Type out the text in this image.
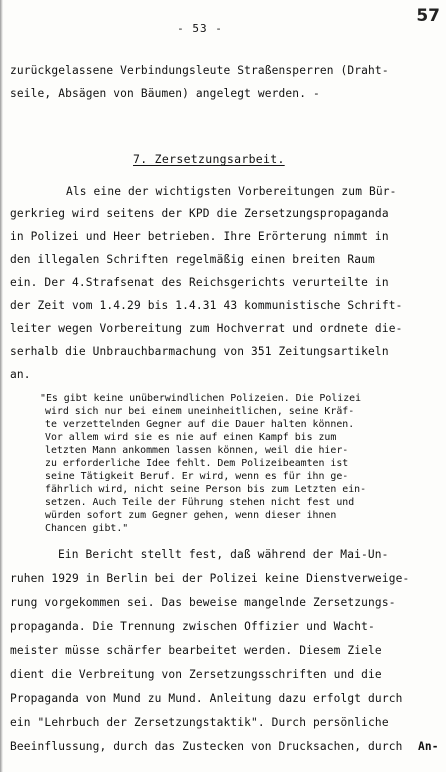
- 53 -
57
zurückgelassene Verbindungsleute Straßensperren (Draht-
seile, Absägen von Bäumen) angelegt werden. -
7. Zersetzungsarbeit.
Als eine der wichtigsten Vorbereitungen zum Bür-
gerkrieg wird seitens der KPD die Zersetzungspropaganda
in Polizei und Heer betrieben. Ihre Erörterung nimmt in
den illegalen Schriften regelmäßig einen breiten Raum
ein. Der 4.Strafsenat des Reichsgerichts verurteilte in
der Zeit vom 1.4.29 bis 1.4.31 43 kommunistische Schrift-
leiter wegen Vorbereitung zum Hochverrat und ordnete die-
serhalb die Unbrauchbarmachung von 351 Zeitungsartikeln
an.
"Es gibt keine unüberwindlichen Polizeien. Die Polizei
wird sich nur bei einem uneinheitlichen, seine Kräf-
te verzettelnden Gegner auf die Dauer halten können.
Vor allem wird sie es nie auf einen Kampf bis zum
letzten Mann ankommen lassen können, weil die hier-
zu erforderliche Idee fehlt. Dem Polizeibeamten ist
seine Tätigkeit Beruf. Er wird, wenn es für ihn ge-
fährlich wird, nicht seine Person bis zum Letzten ein-
setzen. Auch Teile der Führung stehen nicht fest und
würden sofort zum Gegner gehen, wenn dieser ihnen
Chancen gibt."
Ein Bericht stellt fest, daß während der Mai-Un-
ruhen 1929 in Berlin bei der Polizei keine Dienstverweige-
rung vorgekommen sei. Das beweise mangelnde Zersetzungs-
propaganda. Die Trennung zwischen Offizier und Wacht-
meister müsse schärfer bearbeitet werden. Diesem Ziele
dient die Verbreitung von Zersetzungsschriften und die
Propaganda von Mund zu Mund. Anleitung dazu erfolgt durch
ein "Lehrbuch der Zersetzungstaktik". Durch persönliche
Beeinflussung, durch das Zustecken von Drucksachen, durch An-
